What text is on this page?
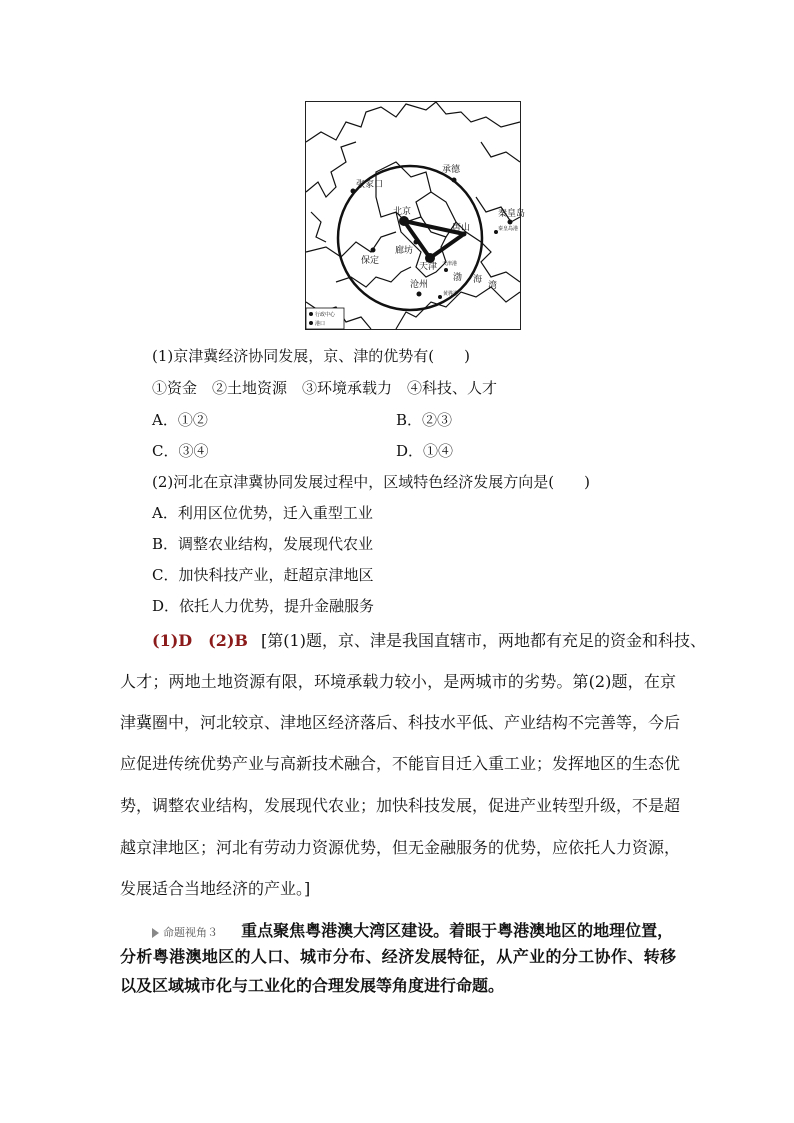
承德
张家口
北京
唐山
秦皇岛
秦皇岛港
廊坊
保定
天津 天津港
沧州
黄骅港
渤 海
湾
行政中心
港口
(1)京津冀经济协同发展，京、津的优势有(　　)
①资金　②土地资源　③环境承载力　④科技、人才
A．①②	B．②③
C．③④	D．①④
(2)河北在京津冀协同发展过程中，区域特色经济发展方向是(　　)
A．利用区位优势，迁入重型工业
B．调整农业结构，发展现代农业
C．加快科技产业，赶超京津地区
D．依托人力优势，提升金融服务
(1)D　(2)B [第(1)题，京、津是我国直辖市，两地都有充足的资金和科技、
人才；两地土地资源有限，环境承载力较小，是两城市的劣势。第(2)题，在京
津冀圈中，河北较京、津地区经济落后、科技水平低、产业结构不完善等，今后
应促进传统优势产业与高新技术融合，不能盲目迁入重工业；发挥地区的生态优
势，调整农业结构，发展现代农业；加快科技发展，促进产业转型升级，不是超
越京津地区；河北有劳动力资源优势，但无金融服务的优势，应依托人力资源，
发展适合当地经济的产业。]
命题视角３ 重点聚焦粤港澳大湾区建设。着眼于粤港澳地区的地理位置，
分析粤港澳地区的人口、城市分布、经济发展特征，从产业的分工协作、转移
以及区域城市化与工业化的合理发展等角度进行命题。
